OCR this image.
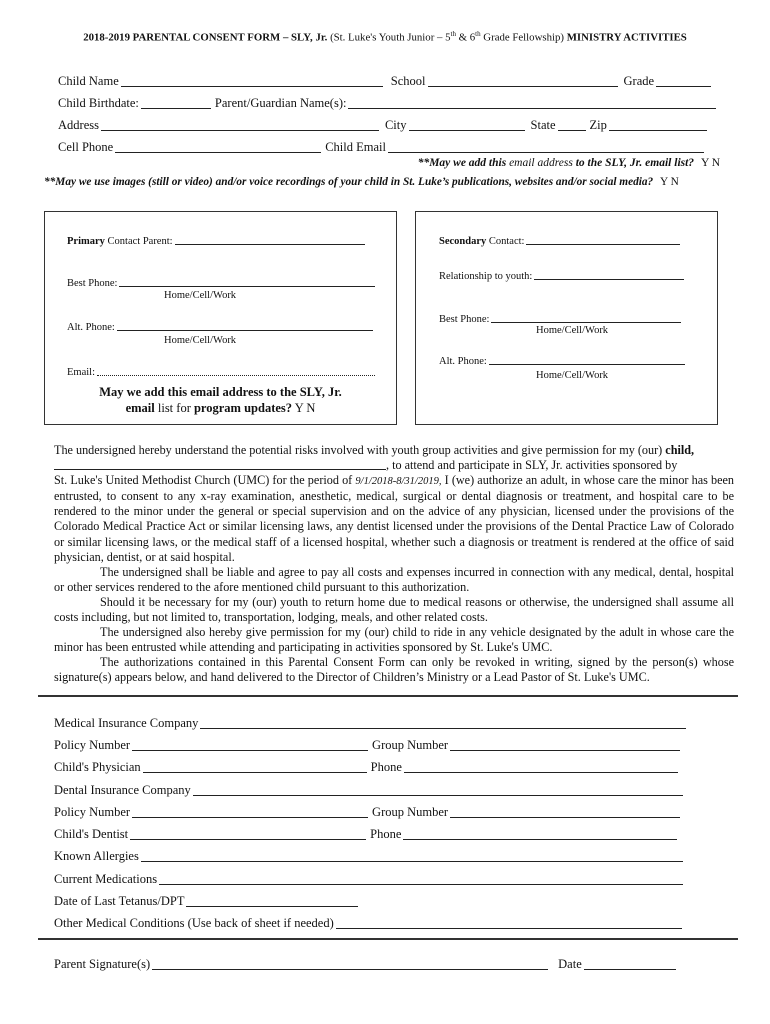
2018-2019 PARENTAL CONSENT FORM – SLY, Jr. (St. Luke's Youth Junior – 5th & 6th Grade Fellowship) MINISTRY ACTIVITIES
Child Name	School	Grade
Child Birthdate:	Parent/Guardian Name(s):
Address	City	State	Zip
Cell Phone	Child Email
**May we add this email address to the SLY, Jr. email list? Y N
**May we use images (still or video) and/or voice recordings of your child in St. Luke’s publications, websites and/or social media? Y N
Primary
Contact Parent:
Best Phone:
Home/Cell/Work
Alt. Phone:
Home/Cell/Work
Email:
May we add this email address to the SLY, Jr.
email list for program updates? Y N
Secondary
Contact:
Relationship to youth:
Best Phone:
Home/Cell/Work
Alt. Phone:
Home/Cell/Work

The undersigned hereby understand the potential risks involved with youth group activities and give permission for my (our) child,
, to attend and participate in SLY, Jr. activities sponsored by
St. Luke's United Methodist Church (UMC) for the period of 9/1/2018-8/31/2019, I (we) authorize an adult, in whose care the minor has been entrusted, to consent to any x-ray examination, anesthetic, medical, surgical or dental diagnosis or treatment, and hospital care to be rendered to the minor under the general or special supervision and on the advice of any physician, licensed under the provisions of the Colorado Medical Practice Act or similar licensing laws, any dentist licensed under the provisions of the Dental Practice Law of Colorado or similar licensing laws, or the medical staff of a licensed hospital, whether such a diagnosis or treatment is rendered at the office of said physician, dentist, or at said hospital.

The undersigned shall be liable and agree to pay all costs and expenses incurred in connection with any medical, dental, hospital or other services rendered to the afore mentioned child pursuant to this authorization.

Should it be necessary for my (our) youth to return home due to medical reasons or otherwise, the undersigned shall assume all costs including, but not limited to, transportation, lodging, meals, and other related costs.

The undersigned also hereby give permission for my (our) child to ride in any vehicle designated by the adult in whose care the minor has been entrusted while attending and participating in activities sponsored by St. Luke's UMC.

The authorizations contained in this Parental Consent Form can only be revoked in writing, signed by the person(s) whose signature(s) appears below, and hand delivered to the Director of Children’s Ministry or a Lead Pastor of St. Luke's UMC.

Medical Insurance Company
Policy Number	Group Number
Child's Physician	Phone
Dental Insurance Company
Policy Number	Group Number
Child's Dentist	Phone
Known Allergies
Current Medications
Date of Last Tetanus/DPT
Other Medical Conditions (Use back of sheet if needed)
Parent Signature(s)	Date
